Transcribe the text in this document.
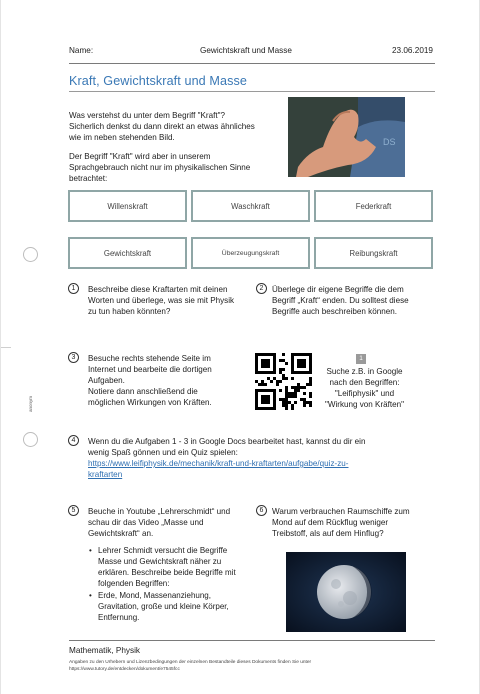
anonym
Name:	Gewichtskraft und Masse	23.06.2019
Kraft, Gewichtskraft und Masse
Was verstehst du unter dem Begriff "Kraft"?
Sicherlich denkst du dann direkt an etwas ähnliches
wie im neben stehenden Bild.
Der Begriff "Kraft" wird aber in unserem
Sprachgebrauch nicht nur im physikalischen Sinne
betrachtet:
DS
Willenskraft	Waschkraft	Federkraft
Gewichtskraft	Überzeugungskraft	Reibungskraft
1	Beschreibe diese Kraftarten mit deinen
Worten und überlege, was sie mit Physik
zu tun haben könnten?
2	Überlege dir eigene Begriffe die dem
Begriff „Kraft“ enden. Du solltest diese
Begriffe auch beschreiben können.
3	Besuche rechts stehende Seite im
Internet und bearbeite die dortigen
Aufgaben.
Notiere dann anschließend die
möglichen Wirkungen von Kräften.
1
Suche z.B. in Google
nach den Begriffen:
"Leifiphysik" und
"Wirkung von Kräften"
4	Wenn du die Aufgaben 1 - 3 in Google Docs bearbeitet hast, kannst du dir ein
wenig Spaß gönnen und ein Quiz spielen:
https://www.leifiphysik.de/mechanik/kraft-und-kraftarten/aufgabe/quiz-zu-
kraftarten
5	Beuche in Youtube „Lehrerschmidt“ und
schau dir das Video „Masse und
Gewichtskraft“ an.
• Lehrer Schmidt versucht die Begriffe
Masse und Gewichtskraft näher zu
erklären. Beschreibe beide Begriffe mit
folgenden Begriffen:
• Erde, Mond, Massenanziehung,
Gravitation, große und kleine Körper,
Entfernung.
6	Warum verbrauchen Raumschiffe zum
Mond auf dem Rückflug weniger
Treibstoff, als auf dem Hinflug?
Mathematik, Physik
Angaben zu den Urhebern und Lizenzbedingungen der einzelnen Bestandteile dieses Dokuments finden Sie unter
https://www.tutory.de/entdecken/dokument/e7545fcc
